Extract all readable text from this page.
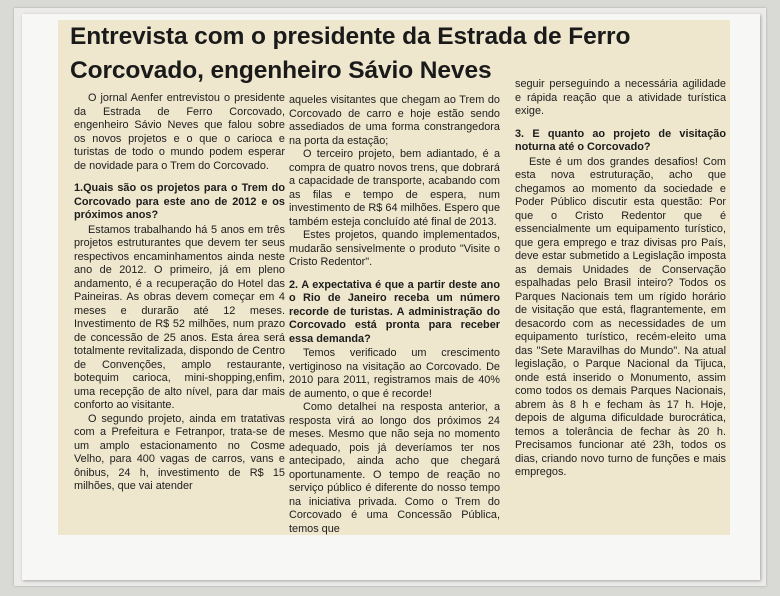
Entrevista com o presidente da Estrada de Ferro Corcovado, engenheiro Sávio Neves

O jornal Aenfer entrevistou o presidente da Estrada de Ferro Corcovado, engenheiro Sávio Neves que falou sobre os novos projetos e o que o carioca e turistas de todo o mundo podem esperar de novidade para o Trem do Corcovado.

1.Quais são os projetos para o Trem do Corcovado para este ano de 2012 e os próximos anos?

Estamos trabalhando há 5 anos em três projetos estruturantes que devem ter seus respectivos encaminhamentos ainda neste ano de 2012. O primeiro, já em pleno andamento, é a recuperação do Hotel das Paineiras. As obras devem começar em 4 meses e durarão até 12 meses. Investimento de R$ 52 milhões, num prazo de concessão de 25 anos. Esta área será totalmente revitalizada, dispondo de Centro de Convenções, amplo restaurante, botequim carioca, mini-shopping,enfim, uma recepção de alto nível, para dar mais conforto ao visitante.

O segundo projeto, ainda em tratativas com a Prefeitura e Fetranpor, trata-se de um amplo estacionamento no Cosme Velho, para 400 vagas de carros, vans e ônibus, 24 h, investimento de R$ 15 milhões, que vai atender

aqueles visitantes que chegam ao Trem do Corcovado de carro e hoje estão sendo assediados de uma forma constrangedora na porta da estação;

O terceiro projeto, bem adiantado, é a compra de quatro novos trens, que dobrará a capacidade de transporte, acabando com as filas e tempo de espera, num investimento de R$ 64 milhões. Espero que também esteja concluído até final de 2013.

Estes projetos, quando implementados, mudarão sensivelmente o produto "Visite o Cristo Redentor".

2. A expectativa é que a partir deste ano o Rio de Janeiro receba um número recorde de turistas. A administração do Corcovado está pronta para receber essa demanda?

Temos verificado um crescimento vertiginoso na visitação ao Corcovado. De 2010 para 2011, registramos mais de 40% de aumento, o que é recorde!

Como detalhei na resposta anterior, a resposta virá ao longo dos próximos 24 meses. Mesmo que não seja no momento adequado, pois já deveríamos ter nos antecipado, ainda acho que chegará oportunamente. O tempo de reação no serviço público é diferente do nosso tempo na iniciativa privada. Como o Trem do Corcovado é uma Concessão Pública, temos que

seguir perseguindo a necessária agilidade e rápida reação que a atividade turística exige.

3. E quanto ao projeto de visitação noturna até o Corcovado?

Este é um dos grandes desafios! Com esta nova estruturação, acho que chegamos ao momento da sociedade e Poder Público discutir esta questão: Por que o Cristo Redentor que é essencialmente um equipamento turístico, que gera emprego e traz divisas pro País, deve estar submetido a Legislação imposta as demais Unidades de Conservação espalhadas pelo Brasil inteiro? Todos os Parques Nacionais tem um rígido horário de visitação que está, flagrantemente, em desacordo com as necessidades de um equipamento turístico, recém-eleito uma das "Sete Maravilhas do Mundo". Na atual legislação, o Parque Nacional da Tijuca, onde está inserido o Monumento, assim como todos os demais Parques Nacionais, abrem às 8 h e fecham às 17 h. Hoje, depois de alguma dificuldade burocrática, temos a tolerância de fechar às 20 h. Precisamos funcionar até 23h, todos os dias, criando novo turno de funções e mais empregos.
